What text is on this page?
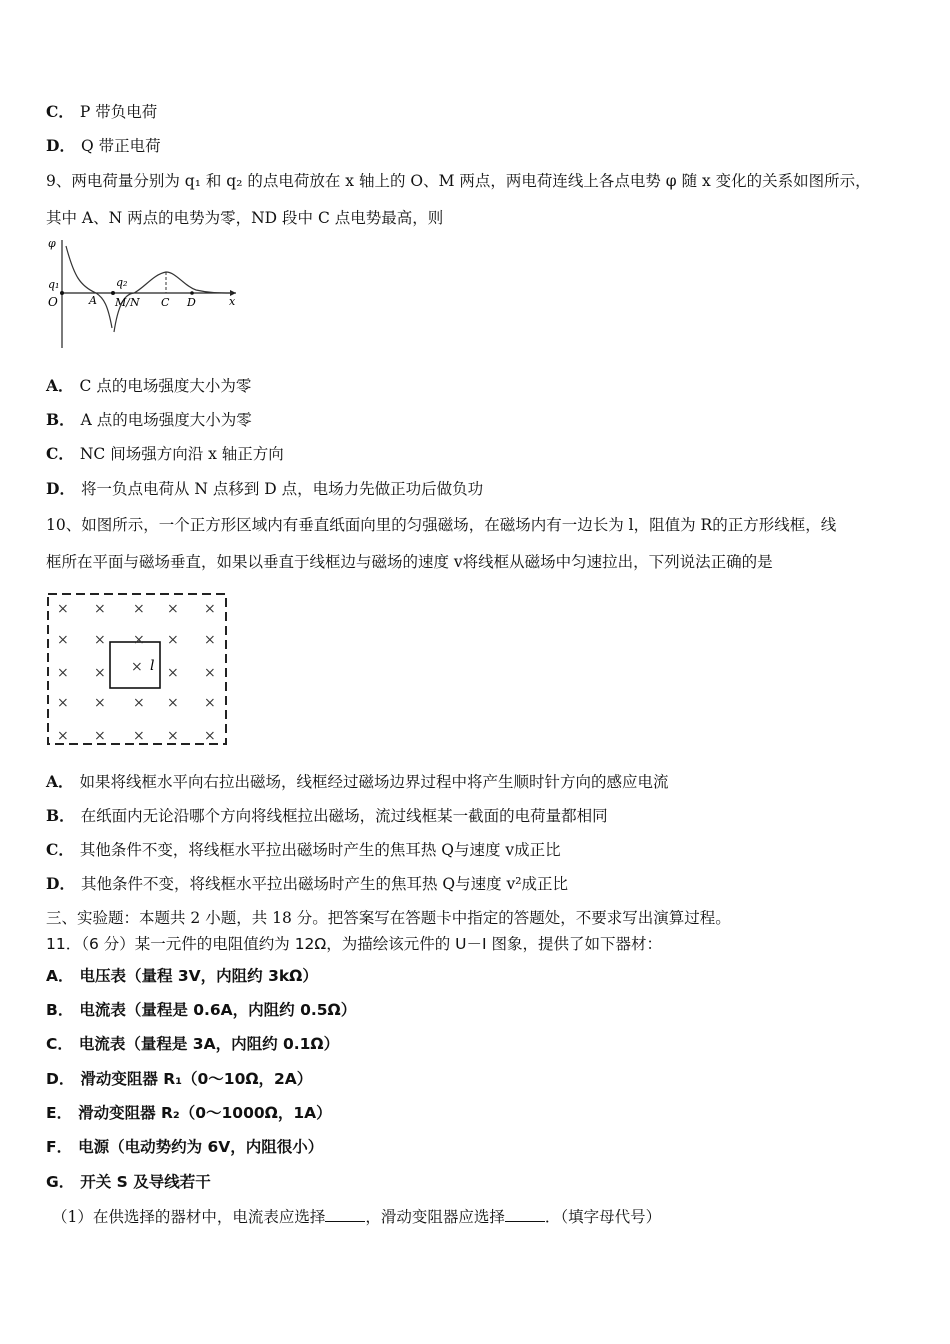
C． P 带负电荷
D． Q 带正电荷
9、两电荷量分别为 q₁ 和 q₂ 的点电荷放在 x 轴上的 O、M 两点，两电荷连线上各点电势 φ 随 x 变化的关系如图所示，
其中 A、N 两点的电势为零，ND 段中 C 点电势最高，则
φ
x
q₁
O	A
q₂
M N C D
/
A． C 点的电场强度大小为零
B． A 点的电场强度大小为零
C． NC 间场强方向沿 x 轴正方向
D． 将一负点电荷从 N 点移到 D 点，电场力先做正功后做负功
10、如图所示，一个正方形区域内有垂直纸面向里的匀强磁场，在磁场内有一边长为 l，阻值为 R的正方形线框，线
框所在平面与磁场垂直，如果以垂直于线框边与磁场的速度 v将线框从磁场中匀速拉出，下列说法正确的是
l
× × × × ×
× × × × ×
× ×	× ×
× × × × ×
× × × × ×
×
A． 如果将线框水平向右拉出磁场，线框经过磁场边界过程中将产生顺时针方向的感应电流
B． 在纸面内无论沿哪个方向将线框拉出磁场，流过线框某一截面的电荷量都相同
C． 其他条件不变，将线框水平拉出磁场时产生的焦耳热 Q与速度 v成正比
D． 其他条件不变，将线框水平拉出磁场时产生的焦耳热 Q与速度 v²成正比
三、实验题：本题共 2 小题，共 18 分。把答案写在答题卡中指定的答题处，不要求写出演算过程。
11．（6 分）某一元件的电阻值约为 12Ω，为描绘该元件的 U－I 图象，提供了如下器材：
A． 电压表（量程 3V，内阻约 3kΩ）
B． 电流表（量程是 0.6A，内阻约 0.5Ω）
C． 电流表（量程是 3A，内阻约 0.1Ω）
D． 滑动变阻器 R₁（0～10Ω，2A）
E． 滑动变阻器 R₂（0～1000Ω，1A）
F． 电源（电动势约为 6V，内阻很小）
G． 开关 S 及导线若干
（1）在供选择的器材中，电流表应选择	，滑动变阻器应选择	．（填字母代号）
